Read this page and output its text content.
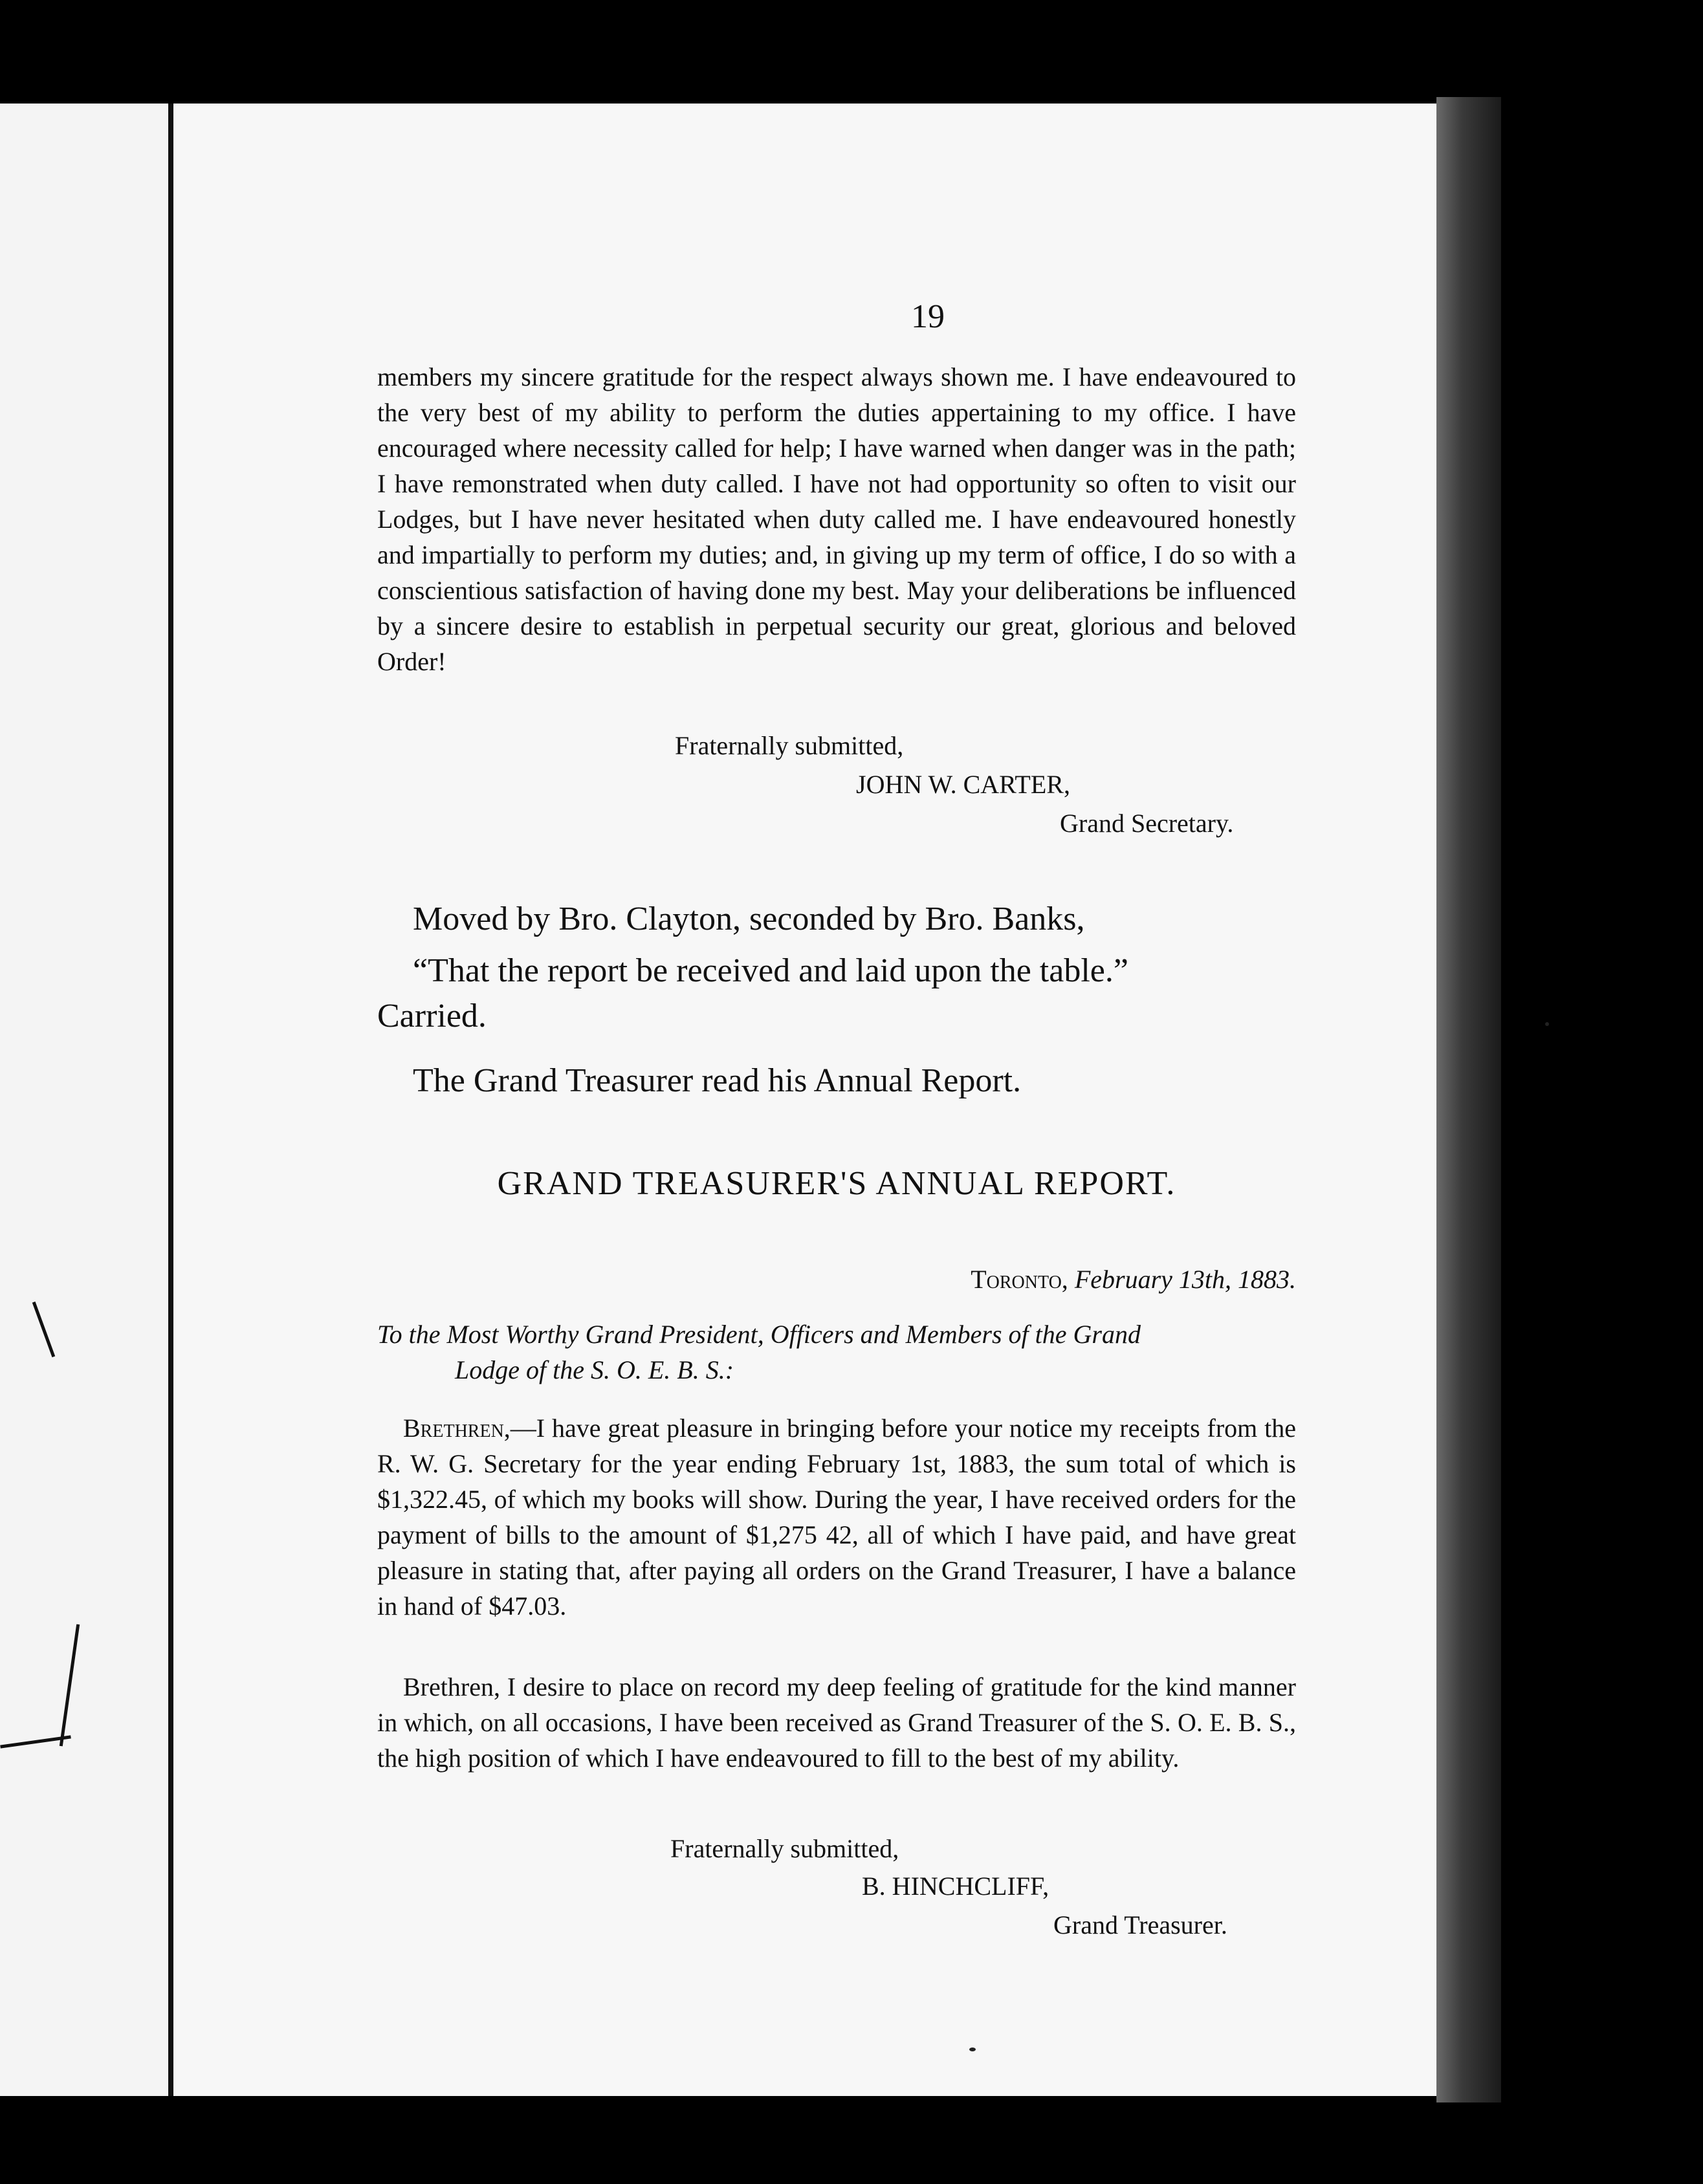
19

members my sincere gratitude for the respect always shown me. I have endeavoured to the very best of my ability to perform the duties appertaining to my office. I have encouraged where necessity called for help; I have warned when danger was in the path; I have remonstrated when duty called. I have not had opportunity so often to visit our Lodges, but I have never hesitated when duty called me. I have endeavoured honestly and impartially to perform my duties; and, in giving up my term of office, I do so with a conscientious satisfaction of having done my best. May your deliberations be influenced by a sincere desire to establish in perpetual security our great, glorious and beloved Order!

Fraternally submitted,

JOHN W. CARTER,

Grand Secretary.

Moved by Bro. Clayton, seconded by Bro. Banks,

“That the report be received and laid upon the table.”

Carried.

The Grand Treasurer read his Annual Report.

GRAND TREASURER'S ANNUAL REPORT.

Toronto, February 13th, 1883.

To the Most Worthy Grand President, Officers and Members of the Grand

Lodge of the S. O. E. B. S.:

Brethren,—I have great pleasure in bringing before your notice my receipts from the R. W. G. Secretary for the year ending February 1st, 1883, the sum total of which is $1,322.45, of which my books will show. During the year, I have received orders for the payment of bills to the amount of $1,275 42, all of which I have paid, and have great pleasure in stating that, after paying all orders on the Grand Treasurer, I have a balance in hand of $47.03.

Brethren, I desire to place on record my deep feeling of gratitude for the kind manner in which, on all occasions, I have been received as Grand Treasurer of the S. O. E. B. S., the high position of which I have endeavoured to fill to the best of my ability.

Fraternally submitted,

B. HINCHCLIFF,

Grand Treasurer.
